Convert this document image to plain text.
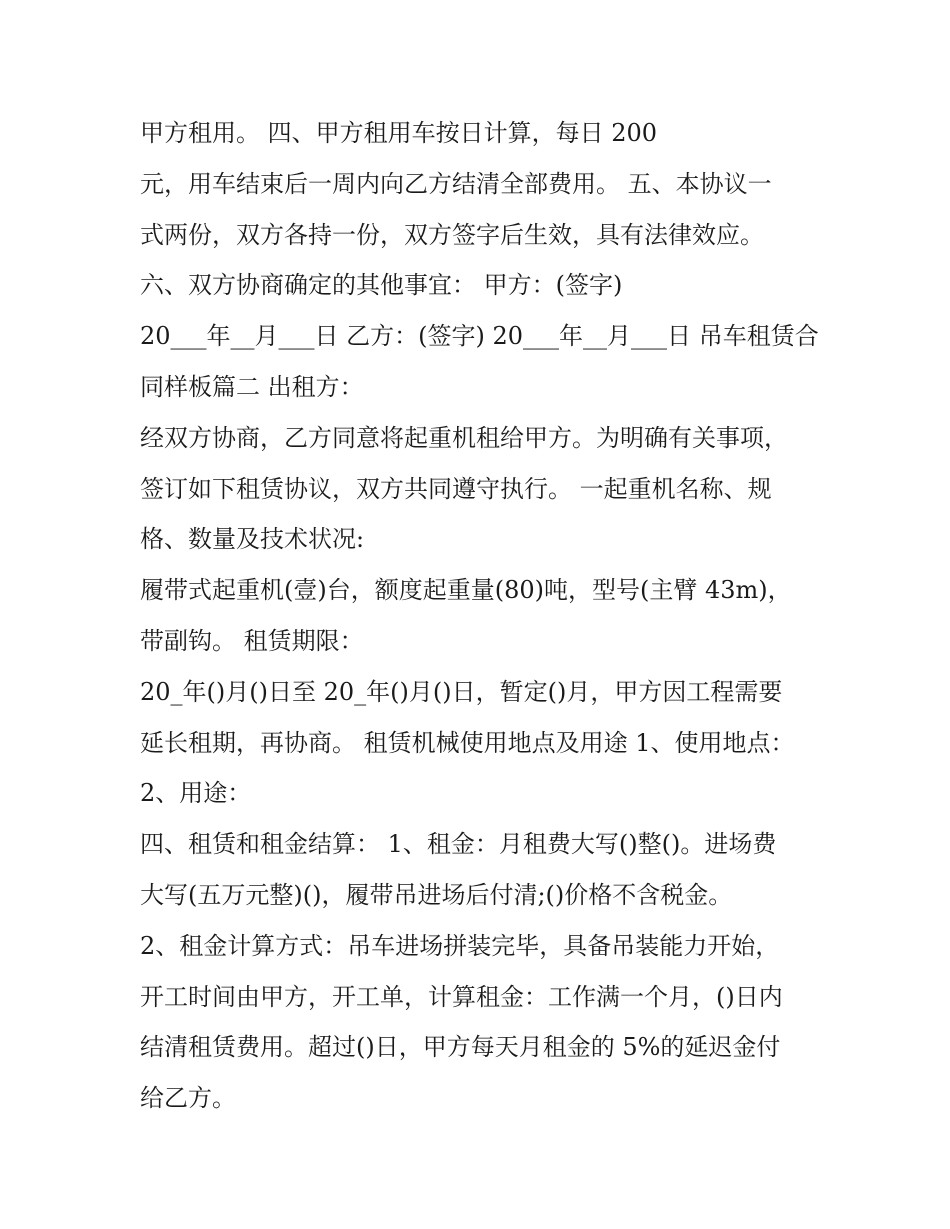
甲方租用。 四、甲方租用车按日计算，每日 200
元，用车结束后一周内向乙方结清全部费用。 五、本协议一
式两份，双方各持一份，双方签字后生效，具有法律效应。
六、双方协商确定的其他事宜： 甲方：(签字)
20___年__月___日 乙方：(签字) 20___年__月___日 吊车租赁合
同样板篇二 出租方：
经双方协商，乙方同意将起重机租给甲方。为明确有关事项，
签订如下租赁协议，双方共同遵守执行。 一起重机名称、规
格、数量及技术状况:
履带式起重机(壹)台，额度起重量(80)吨，型号(主臂 43m)，
带副钩。 租赁期限：
20_年()月()日至 20_年()月()日，暂定()月，甲方因工程需要
延长租期，再协商。 租赁机械使用地点及用途 1、使用地点：
2、用途：
四、租赁和租金结算： 1、租金：月租费大写()整()。进场费
大写(五万元整)()，履带吊进场后付清;()价格不含税金。
2、租金计算方式：吊车进场拼装完毕，具备吊装能力开始，
开工时间由甲方，开工单，计算租金：工作满一个月，()日内
结清租赁费用。超过()日，甲方每天月租金的 5%的延迟金付
给乙方。
